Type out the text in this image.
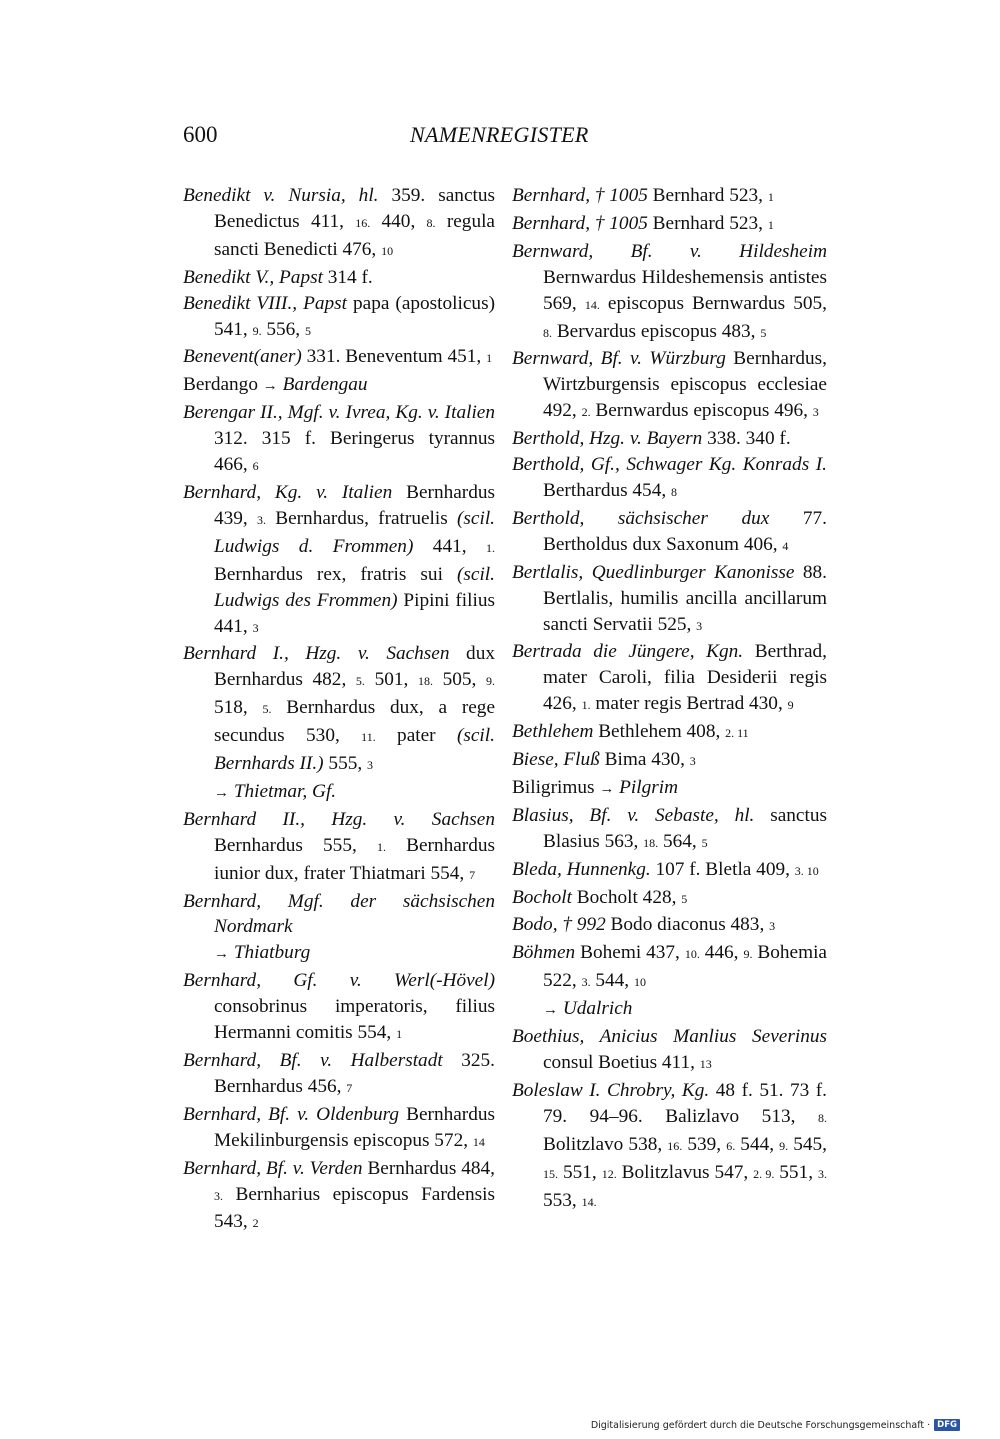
600	NAMENREGISTER
Benedikt v. Nursia, hl. 359. sanctus Benedictus 411, 16. 440, 8. regula sancti Benedicti 476, 10
Benedikt V., Papst 314 f.
Benedikt VIII., Papst papa (apostolicus) 541, 9. 556, 5
Benevent(aner) 331. Beneventum 451, 1
Berdango → Bardengau
Berengar II., Mgf. v. Ivrea, Kg. v. Italien 312. 315 f. Beringerus tyrannus 466, 6
Bernhard, Kg. v. Italien Bernhardus 439, 3. Bernhardus, fratruelis (scil. Ludwigs d. Frommen) 441, 1. Bernhardus rex, fratris sui (scil. Ludwigs des Frommen) Pipini filius 441, 3
Bernhard I., Hzg. v. Sachsen dux Bernhardus 482, 5. 501, 18. 505, 9. 518, 5. Bernhardus dux, a rege secundus 530, 11. pater (scil. Bernhards II.) 555, 3
→ Thietmar, Gf.
Bernhard II., Hzg. v. Sachsen Bernhardus 555, 1. Bernhardus iunior dux, frater Thiatmari 554, 7
Bernhard, Mgf. der sächsischen Nordmark
→ Thiatburg
Bernhard, Gf. v. Werl(-Hövel) consobrinus imperatoris, filius Hermanni comitis 554, 1
Bernhard, Bf. v. Halberstadt 325. Bernhardus 456, 7
Bernhard, Bf. v. Oldenburg Bernhardus Mekilinburgensis episcopus 572, 14
Bernhard, Bf. v. Verden Bernhardus 484, 3. Bernharius episcopus Fardensis 543, 2
Bernhard, † 1005 Bernhard 523, 1
Bernhard, † 1005 Bernhard 523, 1
Bernward, Bf. v. Hildesheim Bernwardus Hildeshemensis antistes 569, 14. episcopus Bernwardus 505, 8. Bervardus episcopus 483, 5
Bernward, Bf. v. Würzburg Bernhardus, Wirtzburgensis episcopus ecclesiae 492, 2. Bernwardus episcopus 496, 3
Berthold, Hzg. v. Bayern 338. 340 f.
Berthold, Gf., Schwager Kg. Konrads I. Berthardus 454, 8
Berthold, sächsischer dux 77. Bertholdus dux Saxonum 406, 4
Bertlalis, Quedlinburger Kanonisse 88. Bertlalis, humilis ancilla ancillarum sancti Servatii 525, 3
Bertrada die Jüngere, Kgn. Berthrad, mater Caroli, filia Desiderii regis 426, 1. mater regis Bertrad 430, 9
Bethlehem Bethlehem 408, 2. 11
Biese, Fluß Bima 430, 3
Biligrimus → Pilgrim
Blasius, Bf. v. Sebaste, hl. sanctus Blasius 563, 18. 564, 5
Bleda, Hunnenkg. 107 f. Bletla 409, 3. 10
Bocholt Bocholt 428, 5
Bodo, † 992 Bodo diaconus 483, 3
Böhmen Bohemi 437, 10. 446, 9. Bohemia 522, 3. 544, 10
→ Udalrich
Boethius, Anicius Manlius Severinus consul Boetius 411, 13
Boleslaw I. Chrobry, Kg. 48 f. 51. 73 f. 79. 94–96. Balizlavo 513, 8. Bolitzlavo 538, 16. 539, 6. 544, 9. 545, 15. 551, 12. Bolitzlavus 547, 2. 9. 551, 3. 553, 14.
Digitalisierung gefördert durch die Deutsche Forschungsgemeinschaft · DFG
